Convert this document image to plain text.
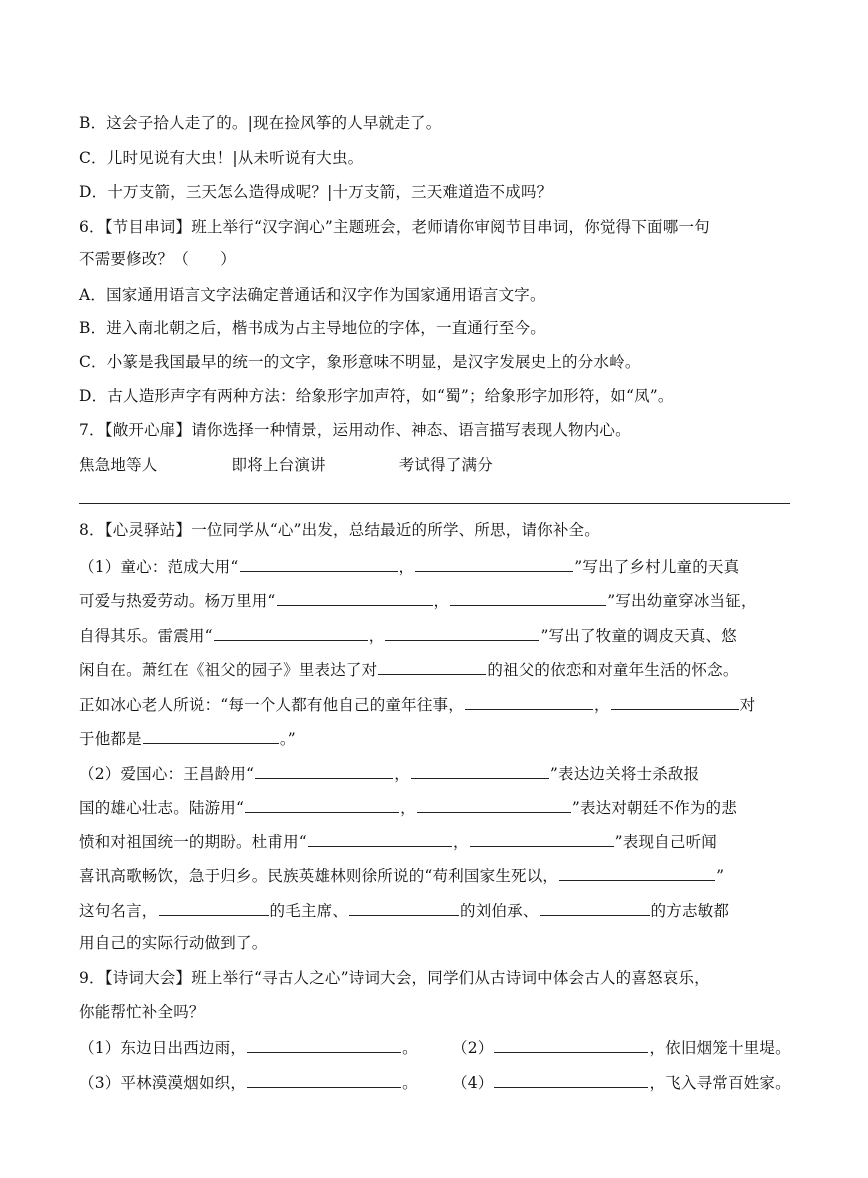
B．这会子拾人走了的。|现在捡风筝的人早就走了。
C．儿时见说有大虫！|从未听说有大虫。
D．十万支箭，三天怎么造得成呢？|十万支箭，三天难道造不成吗？
6．【节目串词】班上举行“汉字润心”主题班会，老师请你审阅节目串词，你觉得下面哪一句
不需要修改？（　　）
A．国家通用语言文字法确定普通话和汉字作为国家通用语言文字。
B．进入南北朝之后，楷书成为占主导地位的字体，一直通行至今。
C．小篆是我国最早的统一的文字，象形意味不明显，是汉字发展史上的分水岭。
D．古人造形声字有两种方法：给象形字加声符，如“蜀”；给象形字加形符，如“凤”。
7．【敞开心扉】请你选择一种情景，运用动作、神态、语言描写表现人物内心。
焦急地等人	即将上台演讲	考试得了满分
8．【心灵驿站】一位同学从“心”出发，总结最近的所学、所思，请你补全。
（1）童心：范成大用“	，	”写出了乡村儿童的天真
可爱与热爱劳动。杨万里用“	，	”写出幼童穿冰当钲，
自得其乐。雷震用“	，	”写出了牧童的调皮天真、悠
闲自在。萧红在《祖父的园子》里表达了对	的祖父的依恋和对童年生活的怀念。
正如冰心老人所说：“每一个人都有他自己的童年往事，	，	对
于他都是	。”
（2）爱国心：王昌龄用“	，	”表达边关将士杀敌报
国的雄心壮志。陆游用“	，	”表达对朝廷不作为的悲
愤和对祖国统一的期盼。杜甫用“	，	”表现自己听闻
喜讯高歌畅饮，急于归乡。民族英雄林则徐所说的“苟利国家生死以，	”
这句名言，	的毛主席、	的刘伯承、	的方志敏都
用自己的实际行动做到了。
9．【诗词大会】班上举行“寻古人之心”诗词大会，同学们从古诗词中体会古人的喜怒哀乐，
你能帮忙补全吗？
（1）东边日出西边雨，	。 （2）	，依旧烟笼十里堤。
（3）平林漠漠烟如织，	。 （4）	，飞入寻常百姓家。
